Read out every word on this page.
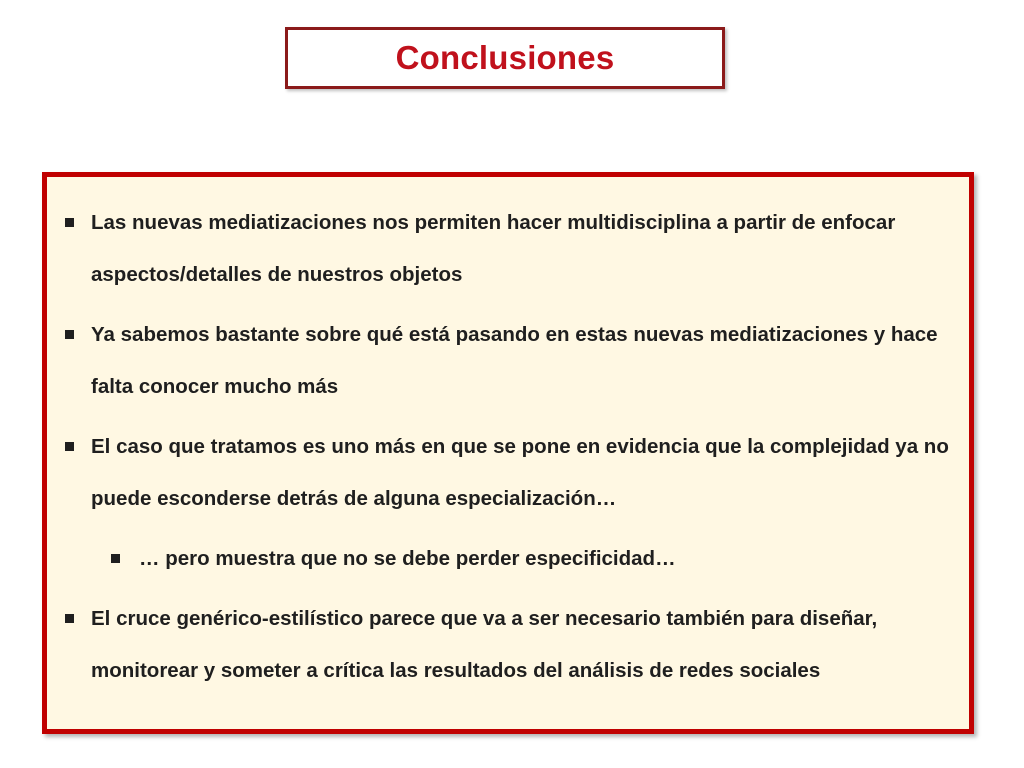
Conclusiones
Las nuevas mediatizaciones nos permiten hacer multidisciplina a partir de enfocar aspectos/detalles de nuestros objetos
Ya sabemos bastante sobre qué está pasando en estas nuevas mediatizaciones y hace falta conocer mucho más
El caso que tratamos es uno más en que se pone en evidencia que la complejidad ya no puede esconderse detrás de alguna especialización…
… pero muestra que no se debe perder especificidad…
El cruce genérico-estilístico parece que va a ser necesario también para diseñar, monitorear y someter a crítica las resultados del análisis de redes sociales
